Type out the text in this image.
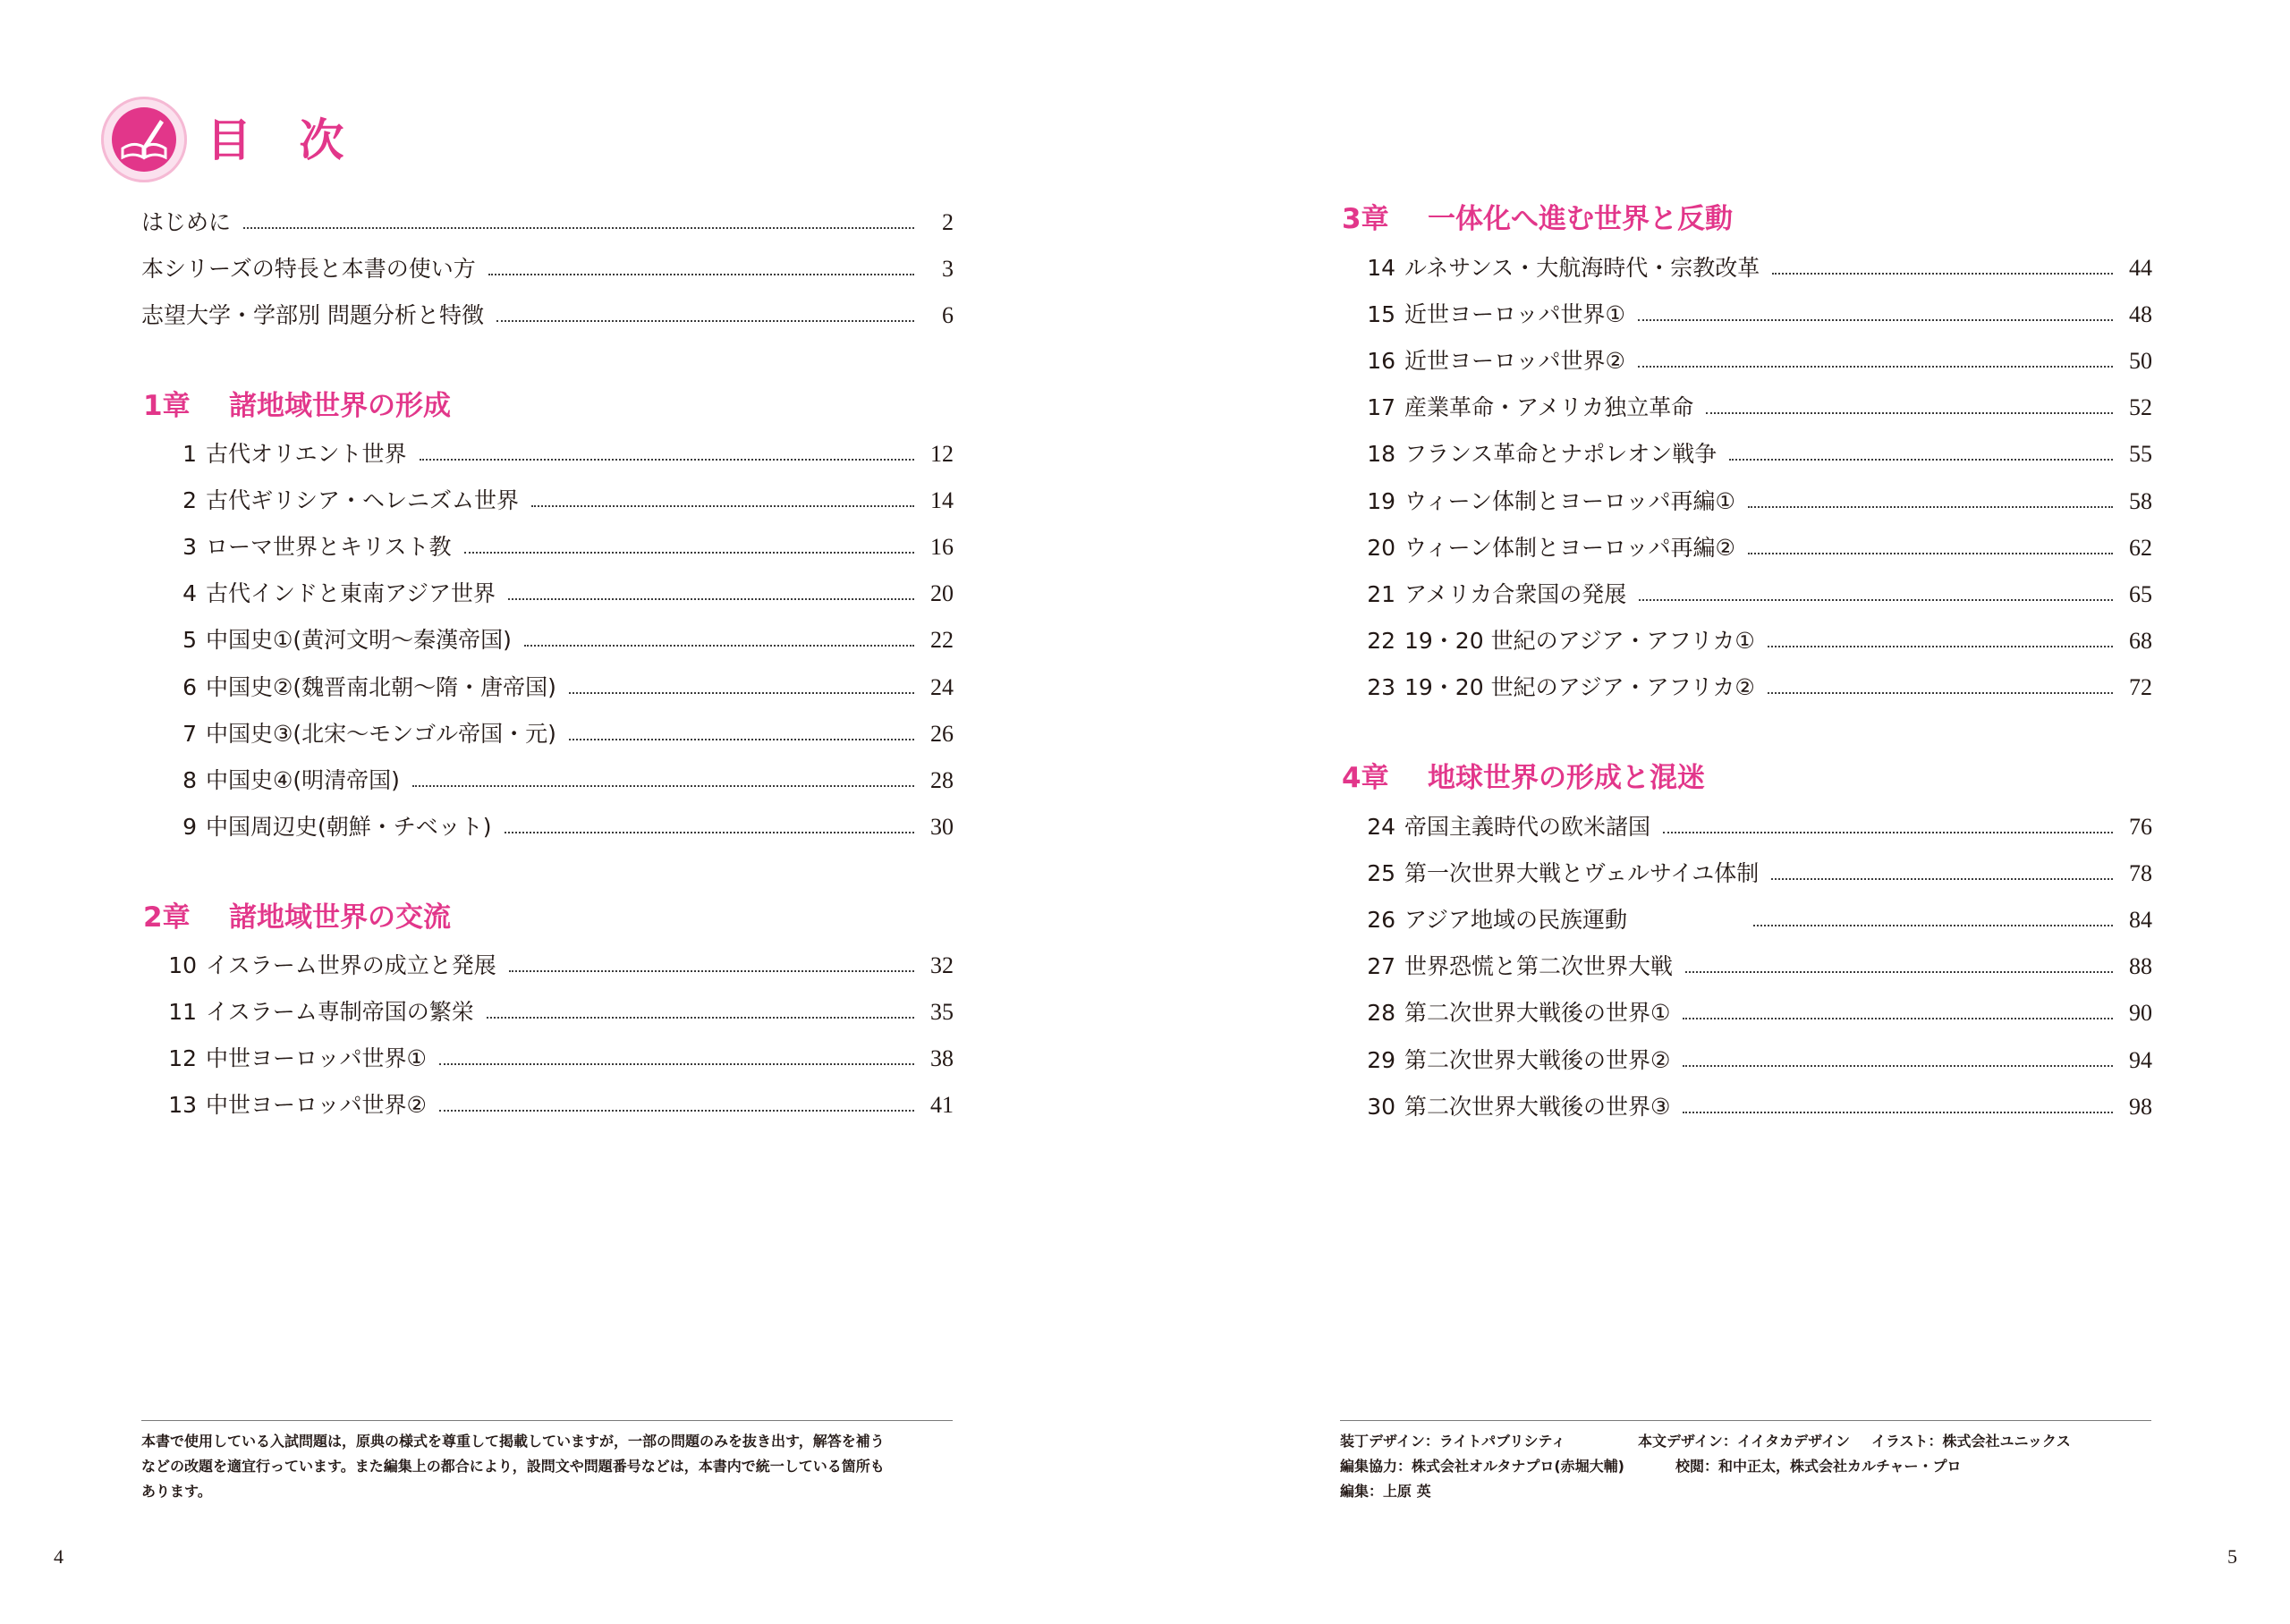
目 次
はじめに	2
本シリーズの特長と本書の使い方	3
志望大学・学部別 問題分析と特徴	6
1章 諸地域世界の形成
1 古代オリエント世界	12
2 古代ギリシア・ヘレニズム世界	14
3 ローマ世界とキリスト教	16
4 古代インドと東南アジア世界	20
5 中国史①(黄河文明〜秦漢帝国)	22
6 中国史②(魏晋南北朝〜隋・唐帝国)	24
7 中国史③(北宋〜モンゴル帝国・元)	26
8 中国史④(明清帝国)	28
9 中国周辺史(朝鮮・チベット)	30
2章 諸地域世界の交流
10 イスラーム世界の成立と発展	32
11 イスラーム専制帝国の繁栄	35
12 中世ヨーロッパ世界①	38
13 中世ヨーロッパ世界②	41

本書で使用している入試問題は，原典の様式を尊重して掲載していますが，一部の問題のみを抜き出す，解答を補う

などの改題を適宜行っています。また編集上の都合により，設問文や問題番号などは，本書内で統一している箇所も

あります。

4
3章 一体化へ進む世界と反動
14 ルネサンス・大航海時代・宗教改革	44
15 近世ヨーロッパ世界①	48
16 近世ヨーロッパ世界②	50
17 産業革命・アメリカ独立革命	52
18 フランス革命とナポレオン戦争	55
19 ウィーン体制とヨーロッパ再編①	58
20 ウィーン体制とヨーロッパ再編②	62
21 アメリカ合衆国の発展	65
22 19・20 世紀のアジア・アフリカ①	68
23 19・20 世紀のアジア・アフリカ②	72
4章 地球世界の形成と混迷
24 帝国主義時代の欧米諸国	76
25 第一次世界大戦とヴェルサイユ体制	78
26 アジア地域の民族運動	84
27 世界恐慌と第二次世界大戦	88
28 第二次世界大戦後の世界①	90
29 第二次世界大戦後の世界②	94
30 第二次世界大戦後の世界③	98
装丁デザイン：ライトパブリシティ	本文デザイン：イイタカデザイン イラスト：株式会社ユニックス
編集協力：株式会社オルタナプロ(赤堀大輔)	校閲：和中正太，株式会社カルチャー・プロ
編集：上原 英
5
